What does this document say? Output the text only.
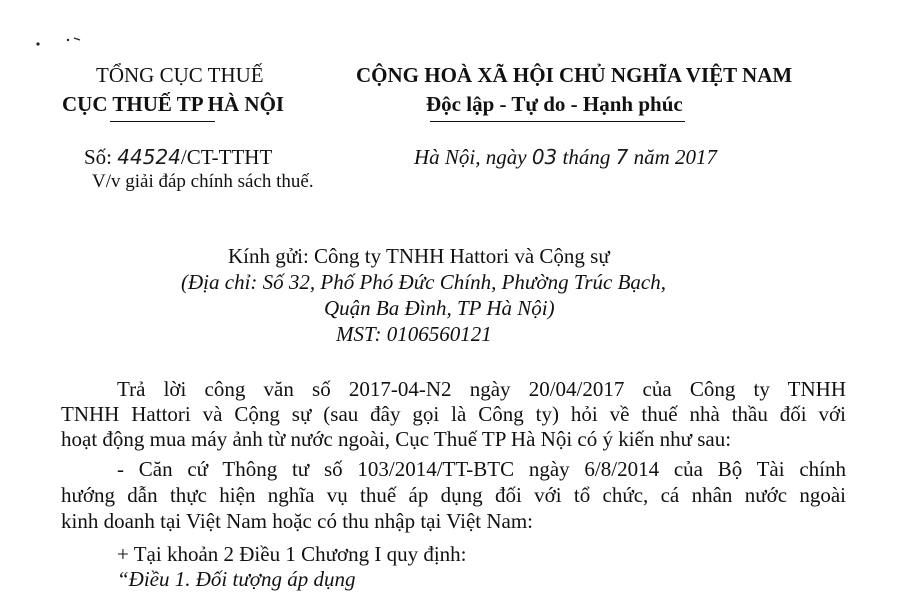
TỔNG CỤC THUẾ
CỤC THUẾ TP HÀ NỘI
Số: 44524/CT-TTHT
V/v giải đáp chính sách thuế.
CỘNG HOÀ XÃ HỘI CHỦ NGHĨA VIỆT NAM
Độc lập - Tự do - Hạnh phúc
Hà Nội, ngày 03 tháng 7 năm 2017
Kính gửi: Công ty TNHH Hattori và Cộng sự
(Địa chỉ: Số 32, Phố Phó Đức Chính, Phường Trúc Bạch,
Quận Ba Đình, TP Hà Nội)
MST: 0106560121
Trả lời công văn số 2017-04-N2 ngày 20/04/2017 của Công ty TNHH
TNHH Hattori và Cộng sự (sau đây gọi là Công ty) hỏi về thuế nhà thầu đối với
hoạt động mua máy ảnh từ nước ngoài, Cục Thuế TP Hà Nội có ý kiến như sau:
- Căn cứ Thông tư số 103/2014/TT-BTC ngày 6/8/2014 của Bộ Tài chính
hướng dẫn thực hiện nghĩa vụ thuế áp dụng đối với tổ chức, cá nhân nước ngoài
kinh doanh tại Việt Nam hoặc có thu nhập tại Việt Nam:
+ Tại khoản 2 Điều 1 Chương I quy định:
“Điều 1. Đối tượng áp dụng
